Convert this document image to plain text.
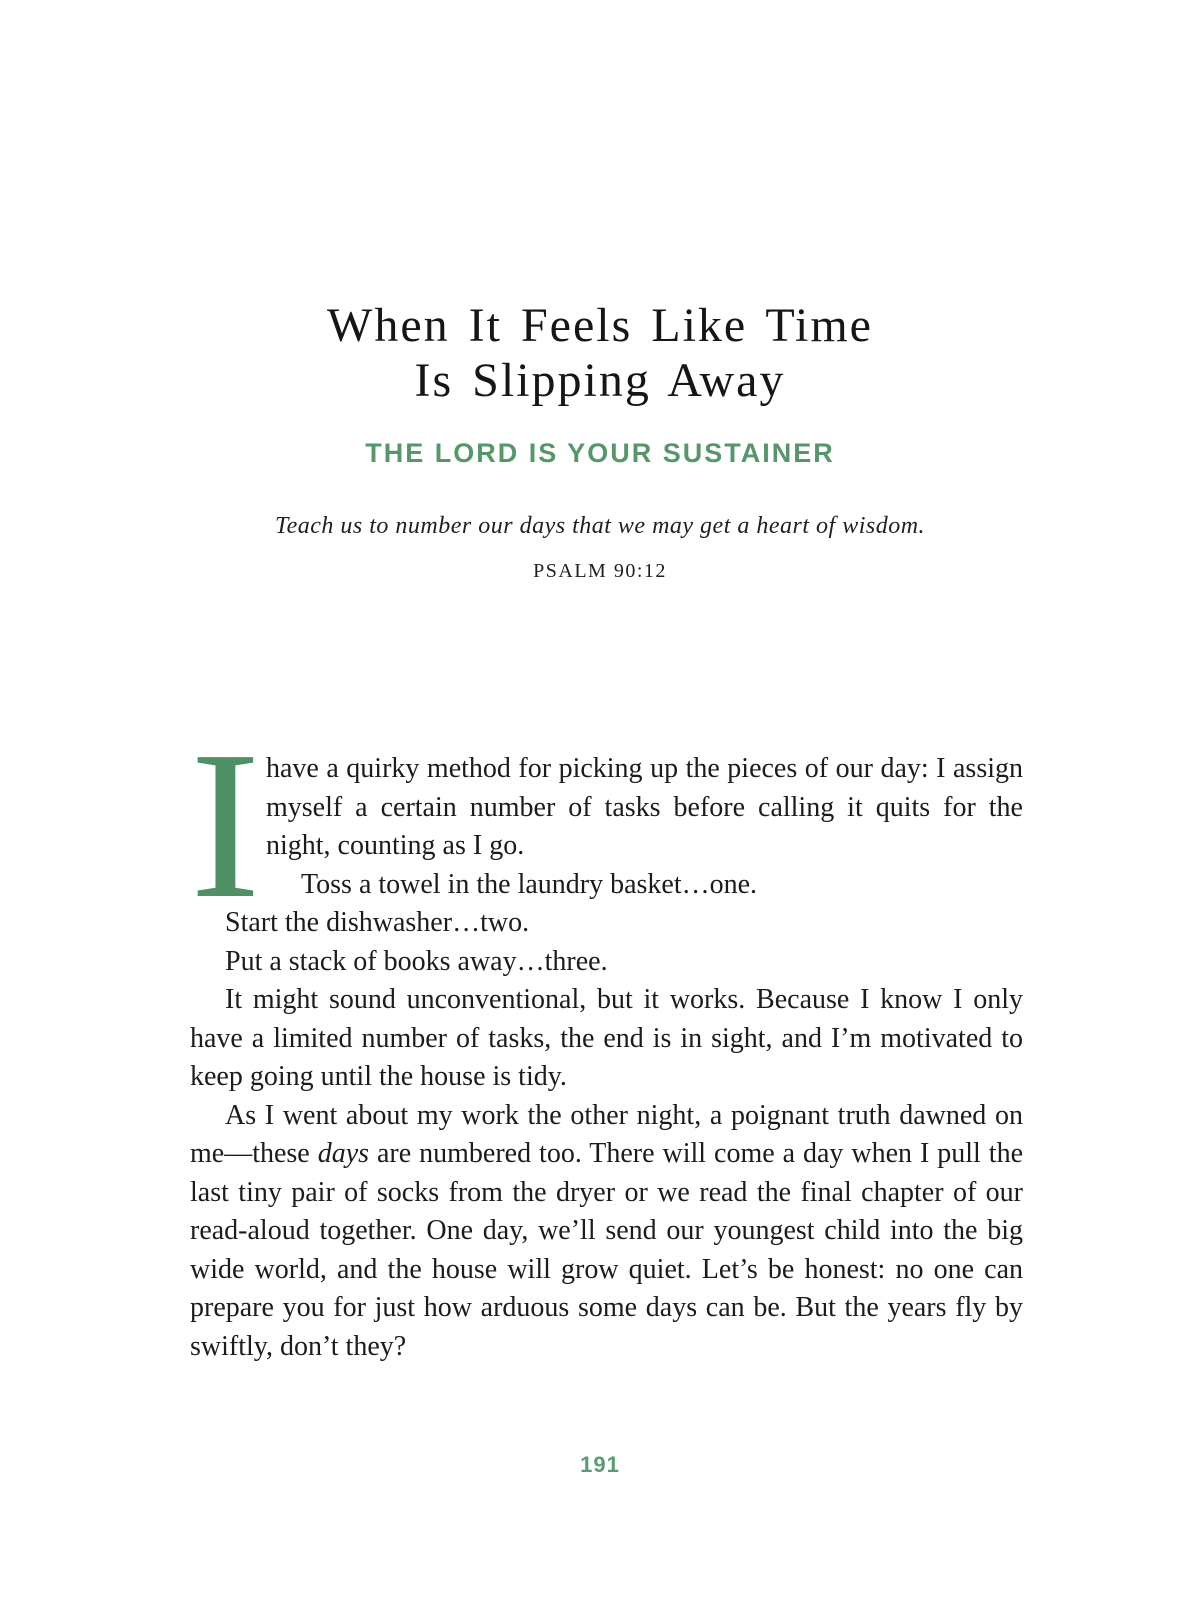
When It Feels Like Time
Is Slipping Away
THE LORD IS YOUR SUSTAINER
Teach us to number our days that we may get a heart of wisdom.
PSALM 90:12

Ihave a quirky method for picking up the pieces of our day: I assign myself a certain number of tasks before calling it quits for the night, counting as I go.

Toss a towel in the laundry basket…one.

Start the dishwasher…two.

Put a stack of books away…three.

It might sound unconventional, but it works. Because I know I only have a limited number of tasks, the end is in sight, and I’m motivated to keep going until the house is tidy.

As I went about my work the other night, a poignant truth dawned on me—these days are numbered too. There will come a day when I pull the last tiny pair of socks from the dryer or we read the final chapter of our read-aloud together. One day, we’ll send our youngest child into the big wide world, and the house will grow quiet. Let’s be honest: no one can prepare you for just how arduous some days can be. But the years fly by swiftly, don’t they?

191
